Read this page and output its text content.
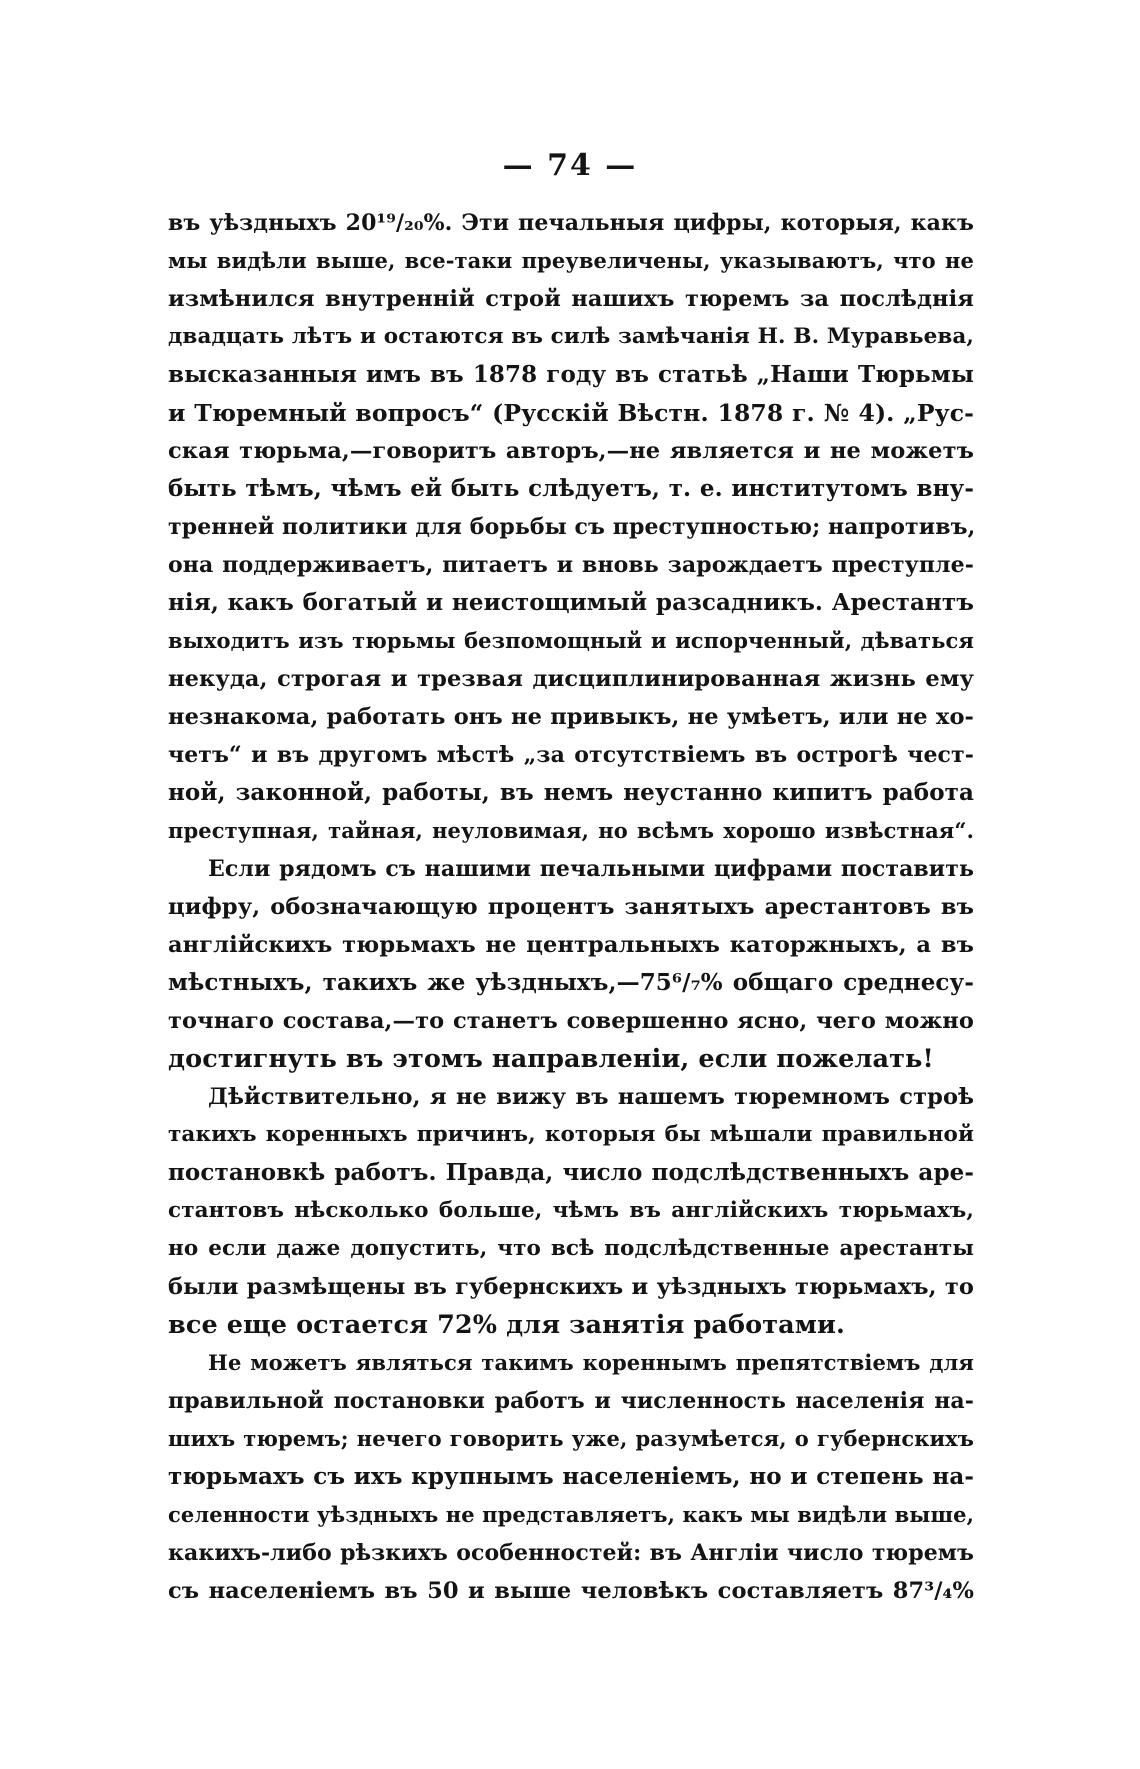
— 74 —
въ уѣздныхъ 20¹⁹/₂₀%. Эти печальныя цифры, которыя, какъ
мы видѣли выше, все-таки преувеличены, указываютъ, что не
измѣнился внутренній строй нашихъ тюремъ за послѣднія
двадцать лѣтъ и остаются въ силѣ замѣчанія Н. В. Муравьева,
высказанныя имъ въ 1878 году въ статьѣ „Наши Тюрьмы
и Тюремный вопросъ“ (Русскій Вѣстн. 1878 г. № 4). „Рус-
ская тюрьма,—говоритъ авторъ,—не является и не можетъ
быть тѣмъ, чѣмъ ей быть слѣдуетъ, т. е. институтомъ вну-
тренней политики для борьбы съ преступностью; напротивъ,
она поддерживаетъ, питаетъ и вновь зарождаетъ преступле-
нія, какъ богатый и неистощимый разсадникъ. Арестантъ
выходитъ изъ тюрьмы безпомощный и испорченный, дѣваться
некуда, строгая и трезвая дисциплинированная жизнь ему
незнакома, работать онъ не привыкъ, не умѣетъ, или не хо-
четъ“ и въ другомъ мѣстѣ „за отсутствіемъ въ острогѣ чест-
ной, законной, работы, въ немъ неустанно кипитъ работа
преступная, тайная, неуловимая, но всѣмъ хорошо извѣстная“.
Если рядомъ съ нашими печальными цифрами поставить
цифру, обозначающую процентъ занятыхъ арестантовъ въ
англійскихъ тюрьмахъ не центральныхъ каторжныхъ, а въ
мѣстныхъ, такихъ же уѣздныхъ,—75⁶/₇% общаго среднесу-
точнаго состава,—то станетъ совершенно ясно, чего можно
достигнуть въ этомъ направленіи, если пожелать!
Дѣйствительно, я не вижу въ нашемъ тюремномъ строѣ
такихъ коренныхъ причинъ, которыя бы мѣшали правильной
постановкѣ работъ. Правда, число подслѣдственныхъ аре-
стантовъ нѣсколько больше, чѣмъ въ англійскихъ тюрьмахъ,
но если даже допустить, что всѣ подслѣдственные арестанты
были размѣщены въ губернскихъ и уѣздныхъ тюрьмахъ, то
все еще остается 72% для занятія работами.
Не можетъ являться такимъ кореннымъ препятствіемъ для
правильной постановки работъ и численность населенія на-
шихъ тюремъ; нечего говорить уже, разумѣется, о губернскихъ
тюрьмахъ съ ихъ крупнымъ населеніемъ, но и степень на-
селенности уѣздныхъ не представляетъ, какъ мы видѣли выше,
какихъ-либо рѣзкихъ особенностей: въ Англіи число тюремъ
съ населеніемъ въ 50 и выше человѣкъ составляетъ 87³/₄%
